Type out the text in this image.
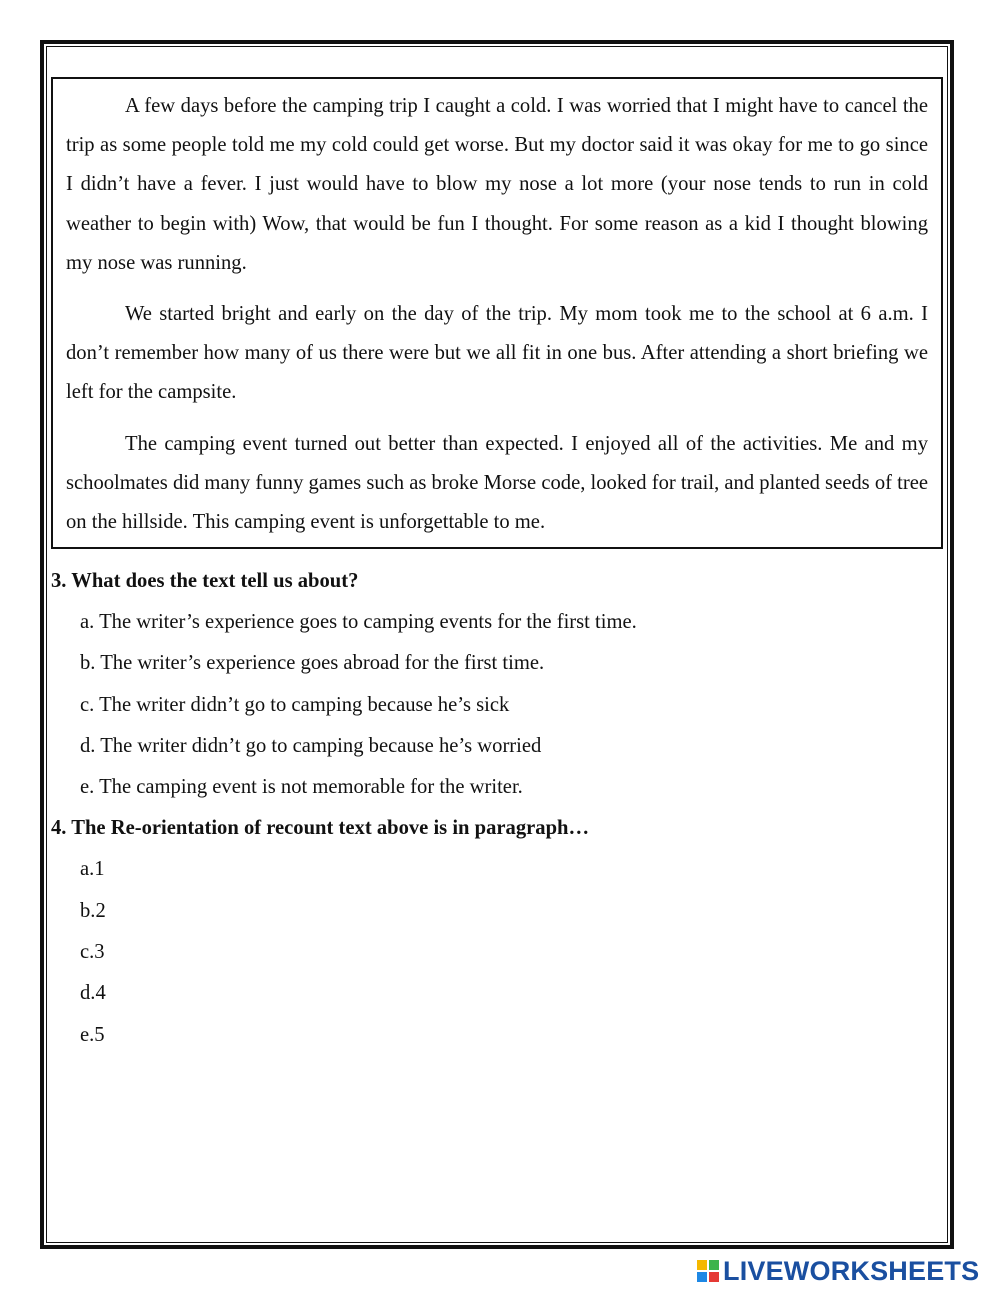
A few days before the camping trip I caught a cold. I was worried that I might have to cancel the trip as some people told me my cold could get worse. But my doctor said it was okay for me to go since I didn’t have a fever. I just would have to blow my nose a lot more (your nose tends to run in cold weather to begin with) Wow, that would be fun I thought. For some reason as a kid I thought blowing my nose was running.

We started bright and early on the day of the trip. My mom took me to the school at 6 a.m. I don’t remember how many of us there were but we all fit in one bus. After attending a short briefing we left for the campsite.

The camping event turned out better than expected. I enjoyed all of the activities. Me and my schoolmates did many funny games such as broke Morse code, looked for trail, and planted seeds of tree on the hillside. This camping event is unforgettable to me.

3. What does the text tell us about?
a. The writer’s experience goes to camping events for the first time.
b. The writer’s experience goes abroad for the first time.
c. The writer didn’t go to camping because he’s sick
d. The writer didn’t go to camping because he’s worried
e. The camping event is not memorable for the writer.
4. The Re-orientation of recount text above is in paragraph…
a.1
b.2
c.3
d.4
e.5
LIVEWORKSHEETS
